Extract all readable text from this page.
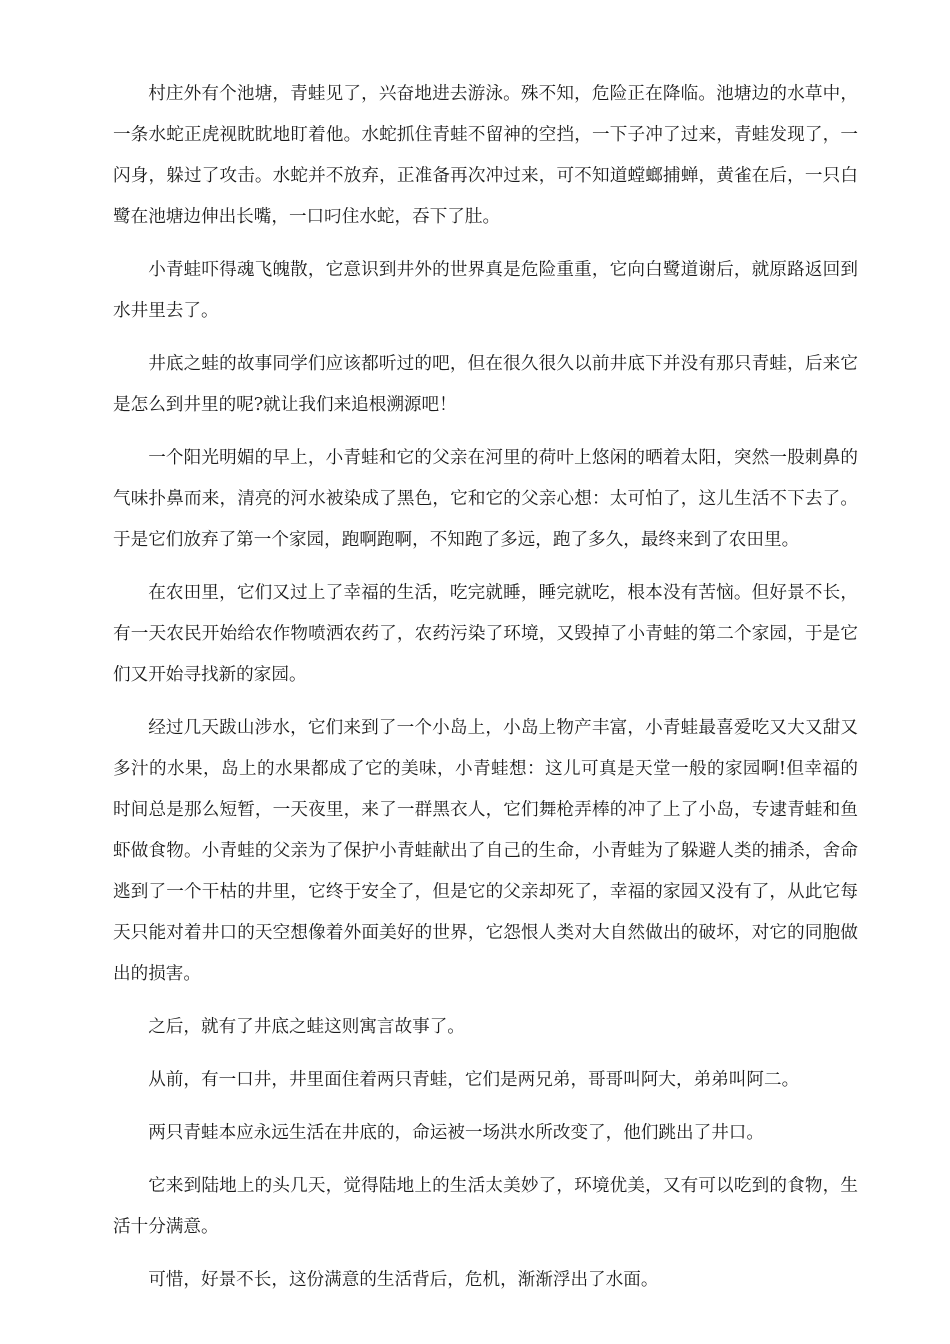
村庄外有个池塘，青蛙见了，兴奋地进去游泳。殊不知，危险正在降临。池塘边的水草中，一条水蛇正虎视眈眈地盯着他。水蛇抓住青蛙不留神的空挡，一下子冲了过来，青蛙发现了，一闪身，躲过了攻击。水蛇并不放弃，正准备再次冲过来，可不知道螳螂捕蝉，黄雀在后，一只白鹭在池塘边伸出长嘴，一口叼住水蛇，吞下了肚。

小青蛙吓得魂飞魄散，它意识到井外的世界真是危险重重，它向白鹭道谢后，就原路返回到水井里去了。

井底之蛙的故事同学们应该都听过的吧，但在很久很久以前井底下并没有那只青蛙，后来它是怎么到井里的呢?就让我们来追根溯源吧！

一个阳光明媚的早上，小青蛙和它的父亲在河里的荷叶上悠闲的晒着太阳，突然一股刺鼻的气味扑鼻而来，清亮的河水被染成了黑色，它和它的父亲心想：太可怕了，这儿生活不下去了。于是它们放弃了第一个家园，跑啊跑啊，不知跑了多远，跑了多久，最终来到了农田里。

在农田里，它们又过上了幸福的生活，吃完就睡，睡完就吃，根本没有苦恼。但好景不长，有一天农民开始给农作物喷洒农药了，农药污染了环境，又毁掉了小青蛙的第二个家园，于是它们又开始寻找新的家园。

经过几天跋山涉水，它们来到了一个小岛上，小岛上物产丰富，小青蛙最喜爱吃又大又甜又多汁的水果，岛上的水果都成了它的美味，小青蛙想：这儿可真是天堂一般的家园啊!但幸福的时间总是那么短暂，一天夜里，来了一群黑衣人，它们舞枪弄棒的冲了上了小岛，专逮青蛙和鱼虾做食物。小青蛙的父亲为了保护小青蛙献出了自己的生命，小青蛙为了躲避人类的捕杀，舍命逃到了一个干枯的井里，它终于安全了，但是它的父亲却死了，幸福的家园又没有了，从此它每天只能对着井口的天空想像着外面美好的世界，它怨恨人类对大自然做出的破坏，对它的同胞做出的损害。

之后，就有了井底之蛙这则寓言故事了。

从前，有一口井，井里面住着两只青蛙，它们是两兄弟，哥哥叫阿大，弟弟叫阿二。

两只青蛙本应永远生活在井底的，命运被一场洪水所改变了，他们跳出了井口。

它来到陆地上的头几天，觉得陆地上的生活太美妙了，环境优美，又有可以吃到的食物，生活十分满意。

可惜，好景不长，这份满意的生活背后，危机，渐渐浮出了水面。
